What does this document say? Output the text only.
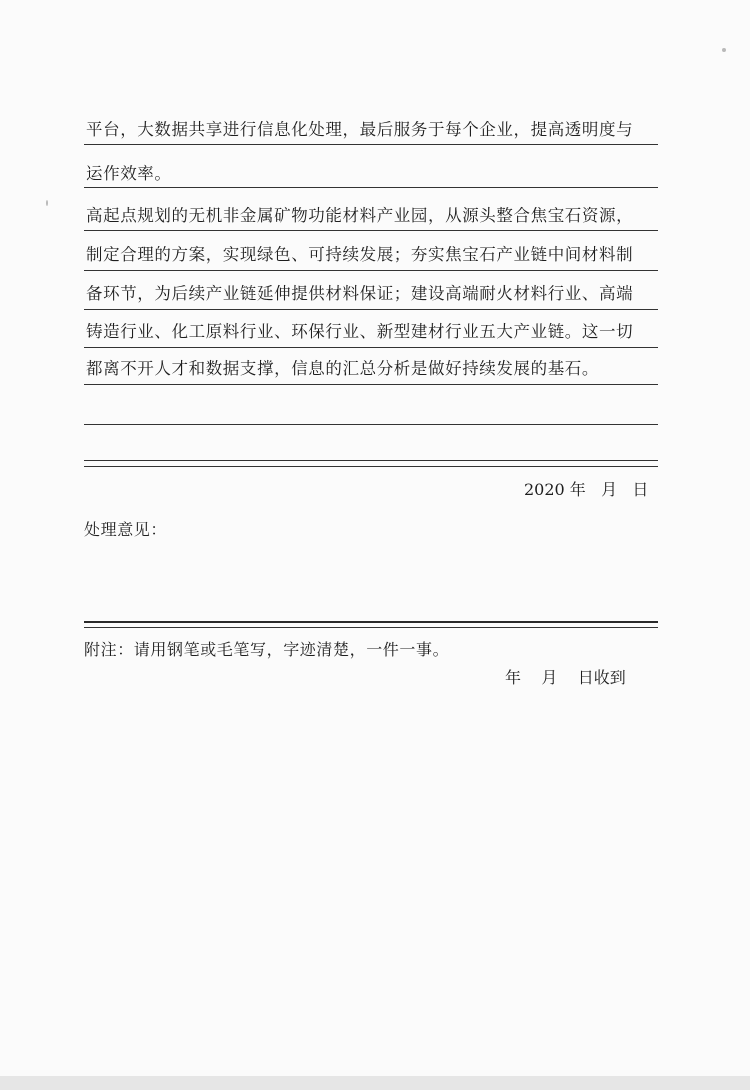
平台，大数据共享进行信息化处理，最后服务于每个企业，提高透明度与
运作效率。
高起点规划的无机非金属矿物功能材料产业园，从源头整合焦宝石资源，
制定合理的方案，实现绿色、可持续发展；夯实焦宝石产业链中间材料制
备环节，为后续产业链延伸提供材料保证；建设高端耐火材料行业、高端
铸造行业、化工原料行业、环保行业、新型建材行业五大产业链。这一切
都离不开人才和数据支撑，信息的汇总分析是做好持续发展的基石。
2020 年   月   日
处理意见：
附注：请用钢笔或毛笔写，字迹清楚，一件一事。
年    月    日收到
